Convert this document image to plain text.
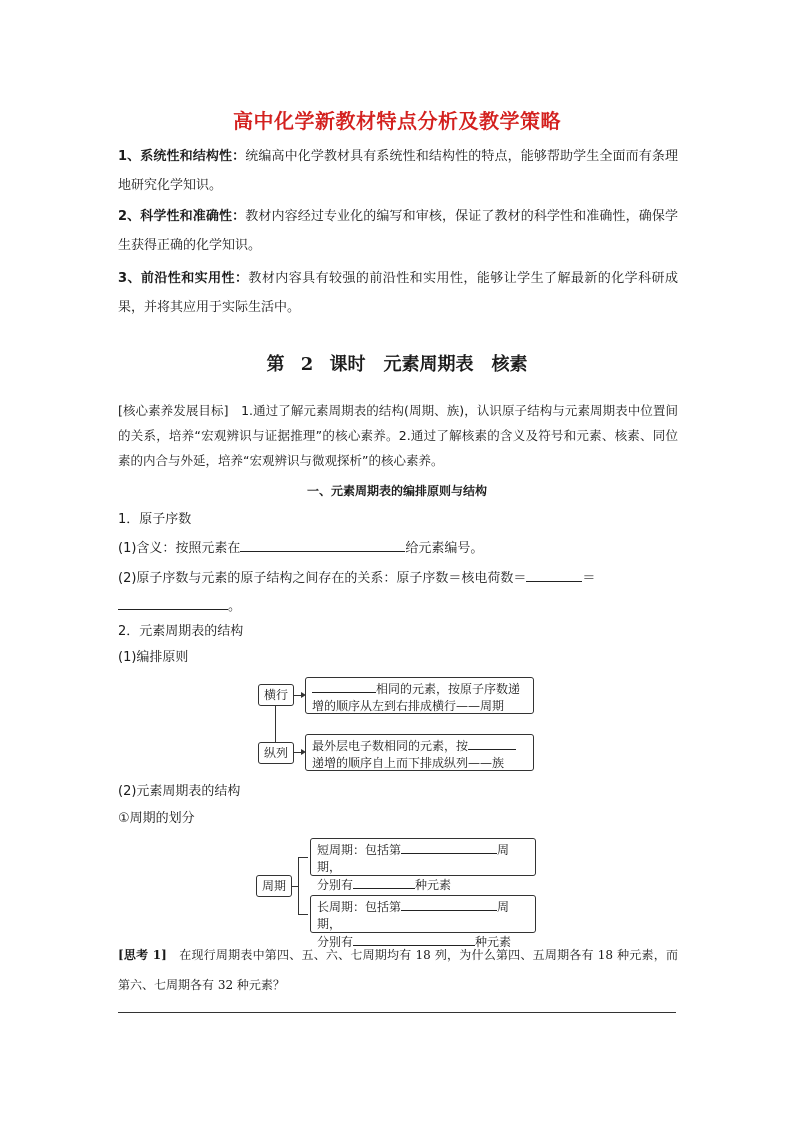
高中化学新教材特点分析及教学策略
1、系统性和结构性：统编高中化学教材具有系统性和结构性的特点，能够帮助学生全面而有条理地研究化学知识。
2、科学性和准确性：教材内容经过专业化的编写和审核，保证了教材的科学性和准确性，确保学生获得正确的化学知识。
3、前沿性和实用性：教材内容具有较强的前沿性和实用性，能够让学生了解最新的化学科研成果，并将其应用于实际生活中。
第 2 课时　元素周期表　核素
[核心素养发展目标]　1.通过了解元素周期表的结构(周期、族)，认识原子结构与元素周期表中位置间的关系，培养“宏观辨识与证据推理”的核心素养。2.通过了解核素的含义及符号和元素、核素、同位素的内合与外延，培养“宏观辨识与微观探析”的核心素养。
一、元素周期表的编排原则与结构
1．原子序数
(1)含义：按照元素在	给元素编号。
(2)原子序数与元素的原子结构之间存在的关系：原子序数＝核电荷数＝	＝
。
2．元素周期表的结构
(1)编排原则
横行
纵列
相同的元素，按原子序数递
增的顺序从左到右排成横行——周期
最外层电子数相同的元素，按
递增的顺序自上而下排成纵列——族
(2)元素周期表的结构
①周期的划分
周期
短周期：包括第	周期，
分别有	种元素
长周期：包括第	周期，
分别有	种元素
[思考 1]　在现行周期表中第四、五、六、七周期均有 18 列，为什么第四、五周期各有 18 种元素，而第六、七周期各有 32 种元素？
